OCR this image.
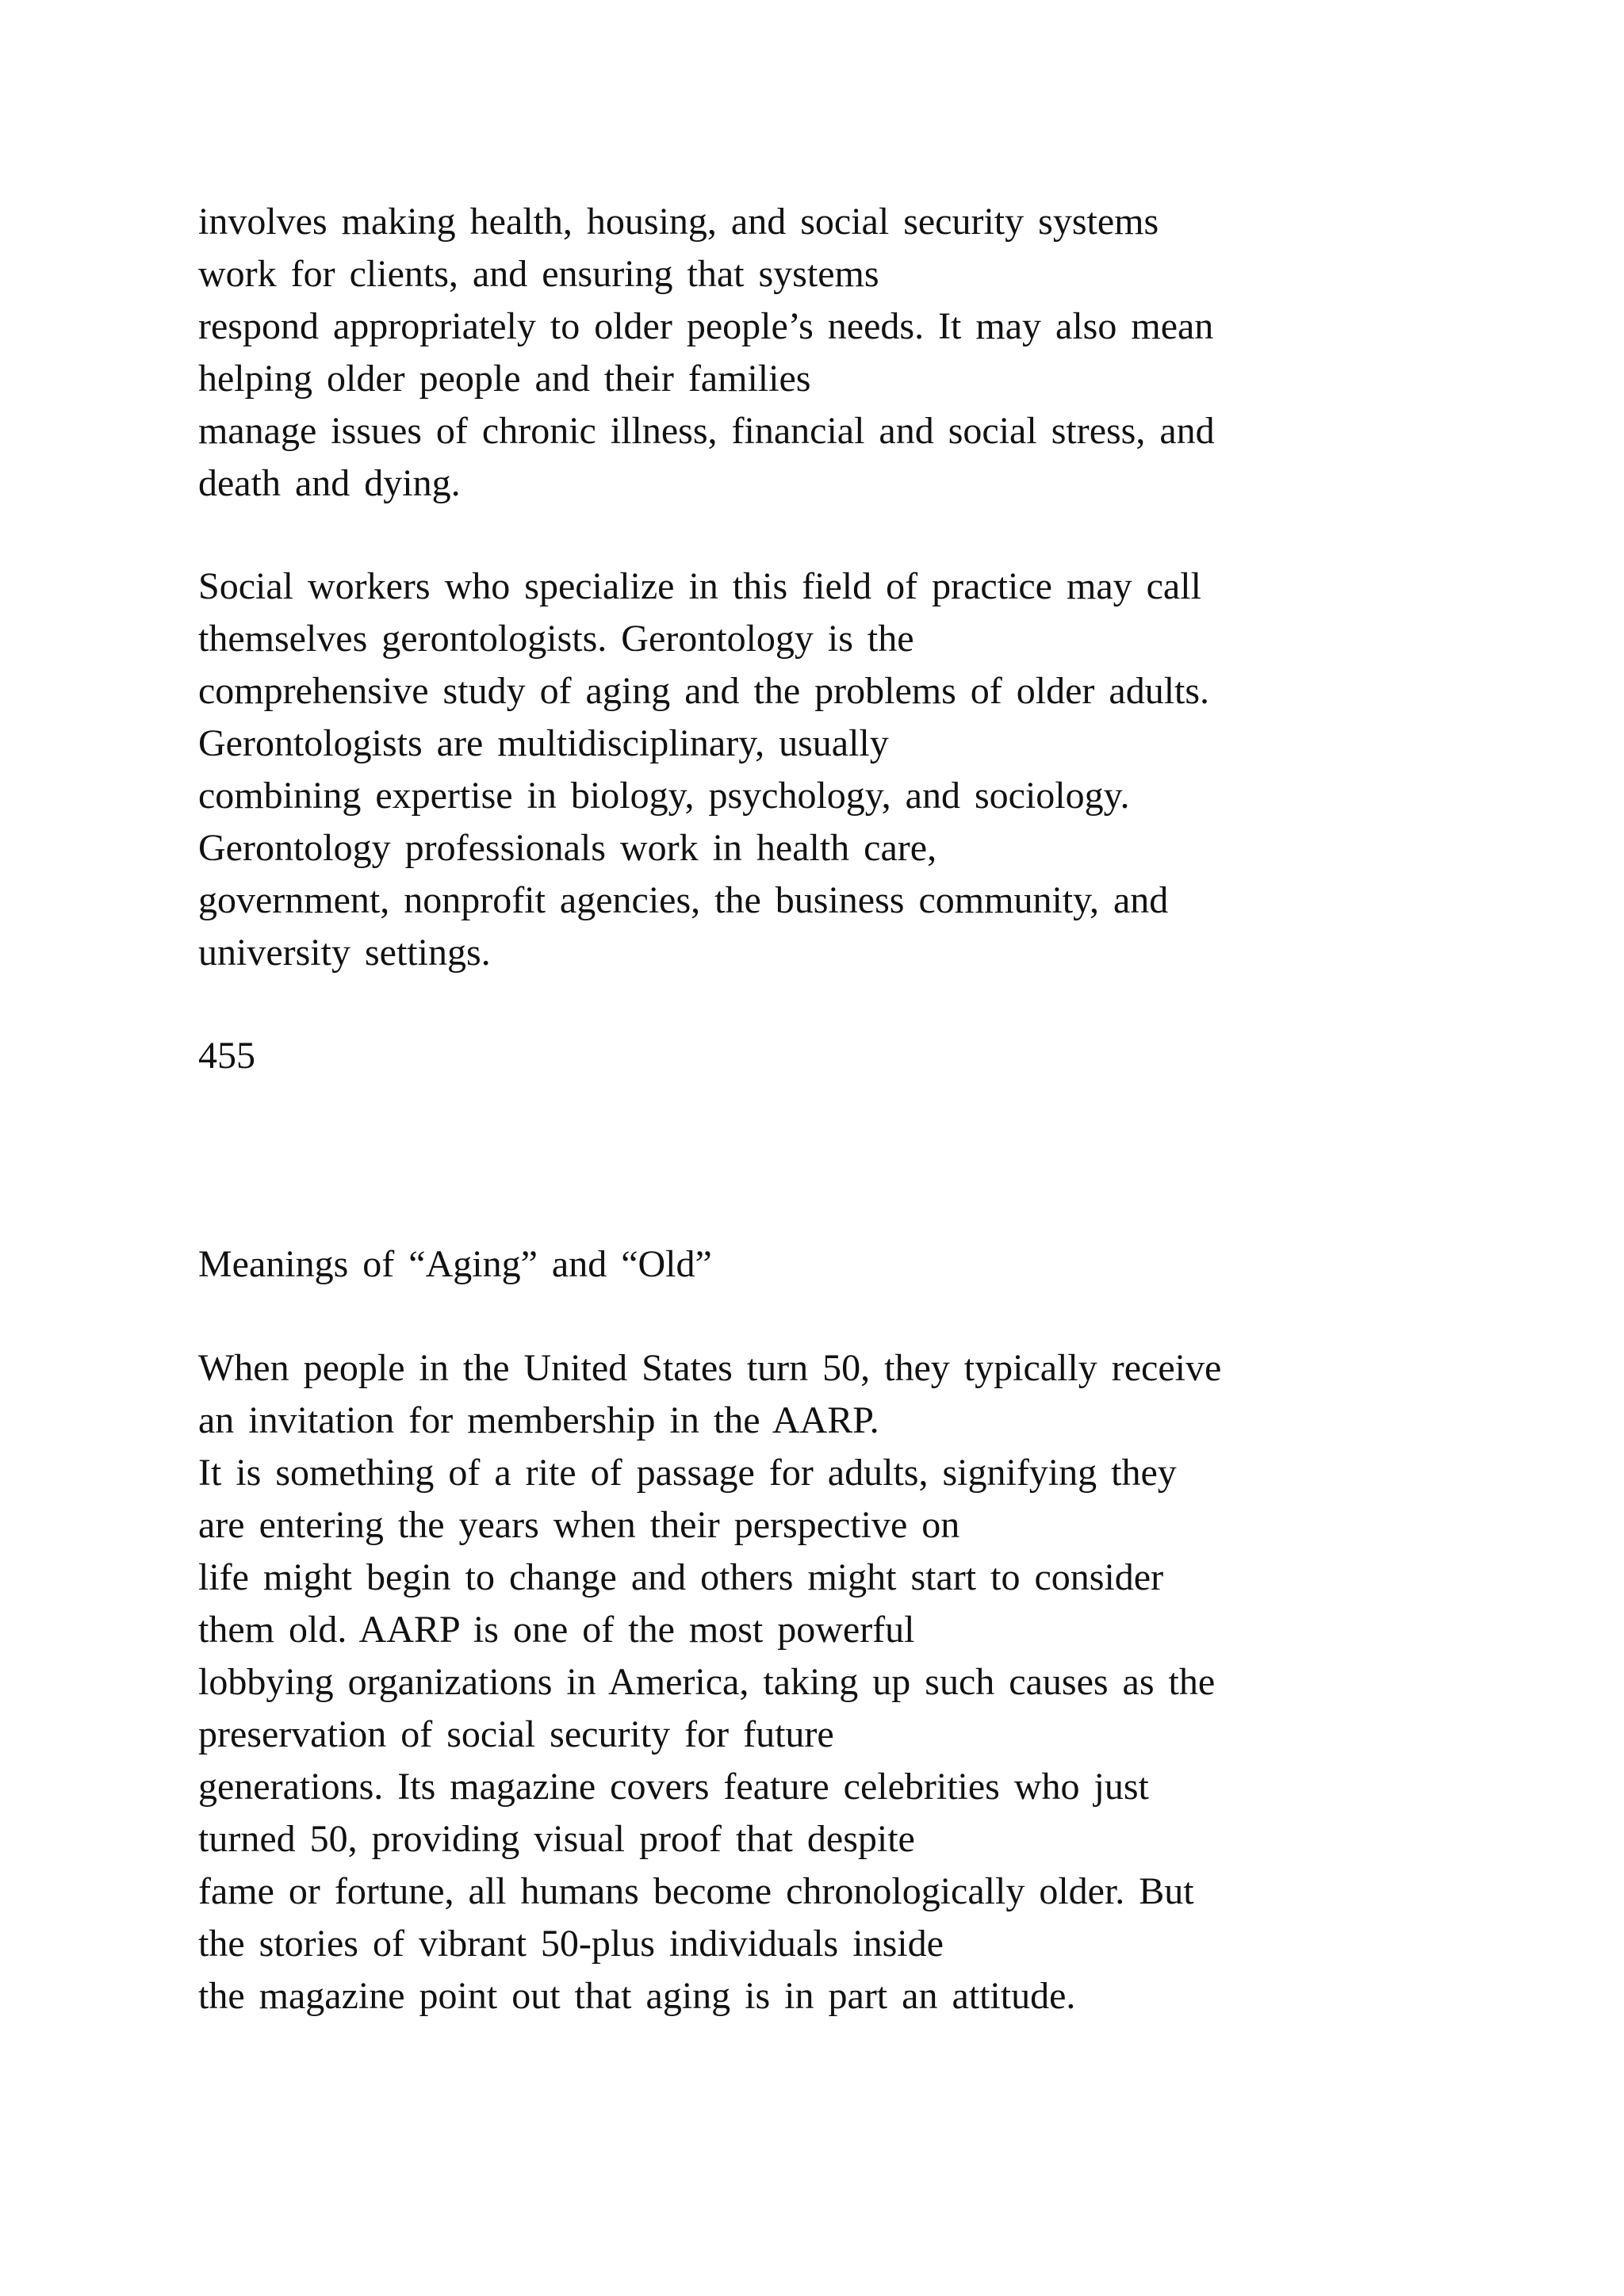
involves making health, housing, and social security systems
work for clients, and ensuring that systems
respond appropriately to older people’s needs. It may also mean
helping older people and their families
manage issues of chronic illness, financial and social stress, and
death and dying.
Social workers who specialize in this field of practice may call
themselves gerontologists. Gerontology is the
comprehensive study of aging and the problems of older adults.
Gerontologists are multidisciplinary, usually
combining expertise in biology, psychology, and sociology.
Gerontology professionals work in health care,
government, nonprofit agencies, the business community, and
university settings.
455
Meanings of “Aging” and “Old”
When people in the United States turn 50, they typically receive
an invitation for membership in the AARP.
It is something of a rite of passage for adults, signifying they
are entering the years when their perspective on
life might begin to change and others might start to consider
them old. AARP is one of the most powerful
lobbying organizations in America, taking up such causes as the
preservation of social security for future
generations. Its magazine covers feature celebrities who just
turned 50, providing visual proof that despite
fame or fortune, all humans become chronologically older. But
the stories of vibrant 50-plus individuals inside
the magazine point out that aging is in part an attitude.
